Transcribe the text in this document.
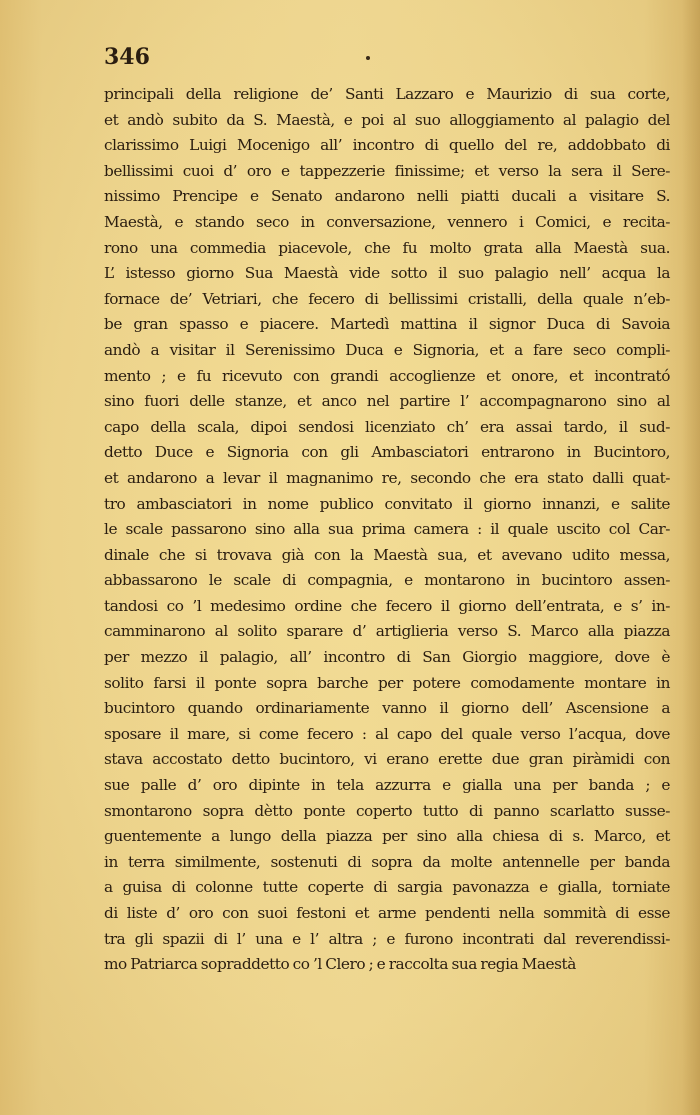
346

principali della religione de’ Santi Lazzaro e Maurizio di sua corte,
et andò subito da S. Maestà, e poi al suo alloggiamento al palagio del
clarissimo Luigi Mocenigo all’ incontro di quello del re, addobbato di
bellissimi cuoi d’ oro e tappezzerie finissime; et verso la sera il Sere-
nissimo Prencipe e Senato andarono nelli piatti ducali a visitare S.
Maestà, e stando seco in conversazione, vennero i Comici, e recita-
rono una commedia piacevole, che fu molto grata alla Maestà sua.
L’ istesso giorno Sua Maestà vide sotto il suo palagio nell’ acqua la
fornace de’ Vetriari, che fecero di bellissimi cristalli, della quale n’eb-
be gran spasso e piacere. Martedì mattina il signor Duca di Savoia
andò a visitar il Serenissimo Duca e Signoria, et a fare seco compli-
mento ; e fu ricevuto con grandi accoglienze et onore, et incontrató
sino fuori delle stanze, et anco nel partire l’ accompagnarono sino al
capo della scala, dipoi sendosi licenziato ch’ era assai tardo, il sud-
detto Duce e Signoria con gli Ambasciatori entrarono in Bucintoro,
et andarono a levar il magnanimo re, secondo che era stato dalli quat-
tro ambasciatori in nome publico convitato il giorno innanzi, e salite
le scale passarono sino alla sua prima camera : il quale uscito col Car-
dinale che si trovava già con la Maestà sua, et avevano udito messa,
abbassarono le scale di compagnia, e montarono in bucintoro assen-
tandosi co ’l medesimo ordine che fecero il giorno dell’entrata, e s’ in-
camminarono al solito sparare d’ artiglieria verso S. Marco alla piazza
per mezzo il palagio, all’ incontro di San Giorgio maggiore, dove è
solito farsi il ponte sopra barche per potere comodamente montare in
bucintoro quando ordinariamente vanno il giorno dell’ Ascensione a
sposare il mare, si come fecero : al capo del quale verso l’acqua, dove
stava accostato detto bucintoro, vi erano erette due gran piràmidi con
sue palle d’ oro dipinte in tela azzurra e gialla una per banda ; e
smontarono sopra dètto ponte coperto tutto di panno scarlatto susse-
guentemente a lungo della piazza per sino alla chiesa di s. Marco, et
in terra similmente, sostenuti di sopra da molte antennelle per banda
a guisa di colonne tutte coperte di sargia pavonazza e gialla, torniate
di liste d’ oro con suoi festoni et arme pendenti nella sommità di esse
tra gli spazii di l’ una e l’ altra ; e furono incontrati dal reverendissi-
mo Patriarca sopraddetto co ’l Clero ; e raccolta sua regia Maestà
